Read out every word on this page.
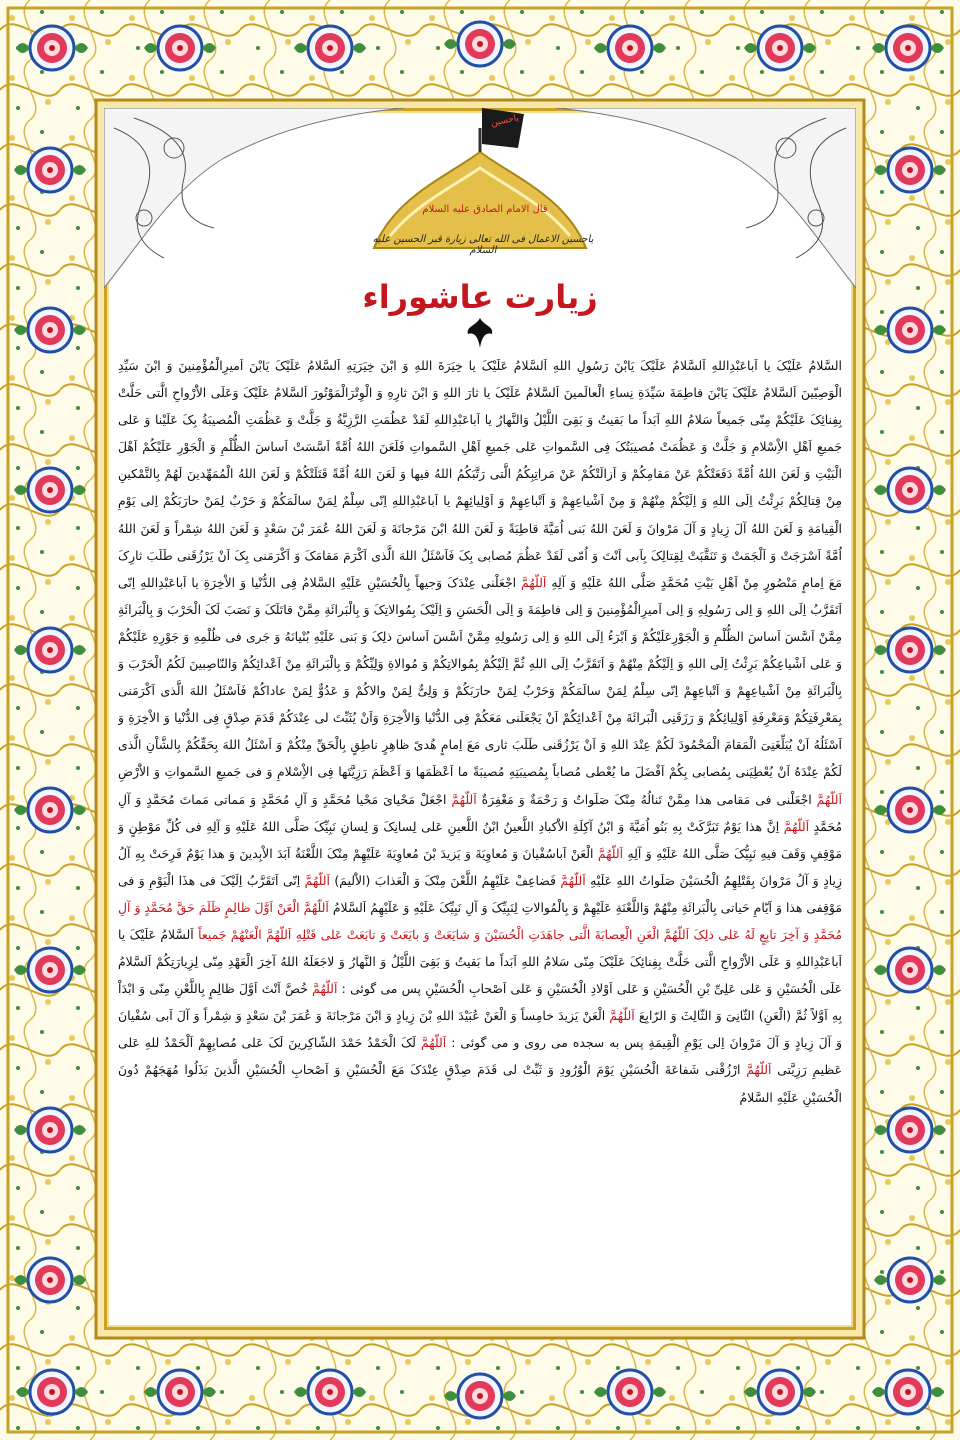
یاحسین
قال الامام الصادق علیه السلام
یاحسین الاعمال فی الله تعالی زیارة قبر الحسین علیه السلام
زیارت عاشوراء

السَّلامُ عَلَیْکَ یا اَباعَبْدِاللهِ اَلسَّلامُ عَلَیْکَ یَابْنَ رَسُولِ اللهِ اَلسَّلامُ عَلَیْکَ یا خِیَرَةَ اللهِ وَ ابْنَ خِیَرَتِهِ اَلسَّلامُ عَلَیْکَ یَابْنَ اَمیرِالْمُؤْمِنینَ وَ ابْنَ سَیِّدِ الْوَصِیّینَ اَلسَّلامُ عَلَیْکَ یَابْنَ فاطِمَةَ سَیِّدَةِ نِساءِ الْعالَمینَ اَلسَّلامُ عَلَیْکَ یا ثارَ اللهِ وَ ابْنَ ثارِهِ وَ الْوِتْرَالْمَوْتُورَ اَلسَّلامُ عَلَیْکَ وَعَلَی الاَْرْواحِ الَّتی حَلَّتْ بِفِنائِکَ عَلَیْکُمْ مِنّی جَمیعاً سَلامُ اللهِ اَبَداً ما بَقیتُ وَ بَقِیَ اللَّیْلُ وَالنَّهارُ یا اَباعَبْدِاللهِ لَقَدْ عَظُمَتِ الرَّزِیَّةُ وَ جَلَّتْ وَ عَظُمَتِ الْمُصیبَةُ بِکَ عَلَیْنا وَ عَلی جَمیعِ اَهْلِ الاِْسْلامِ وَ جَلَّتْ وَ عَظُمَتْ مُصیبَتُکَ فِی السَّمواتِ عَلی جَمیعِ اَهْلِ السَّمواتِ فَلَعَنَ اللهُ اُمَّةً اَسَّسَتْ اَساسَ الظُّلْمِ وَ الْجَوْرِ عَلَیْکُمْ اَهْلَ الْبَیْتِ وَ لَعَنَ اللهُ اُمَّةً دَفَعَتْکُمْ عَنْ مَقامِکُمْ وَ اَزالَتْکُمْ عَنْ مَراتِبِکُمُ الَّتی رَتَّبَکُمُ اللهُ فیها وَ لَعَنَ اللهُ اُمَّةً قَتَلَتْکُمْ وَ لَعَنَ اللهُ الْمُمَهِّدینَ لَهُمْ بِالتَّمْکینِ مِنْ قِتالِکُمْ بَرِئْتُ اِلَی اللهِ وَ اِلَیْکُمْ مِنْهُمْ وَ مِنْ اَشْیاعِهِمْ وَ اَتْباعِهِمْ وَ اَوْلِیائِهِمْ یا اَباعَبْدِاللهِ اِنّی سِلْمٌ لِمَنْ سالَمَکُمْ وَ حَرْبٌ لِمَنْ حارَبَکُمْ اِلی یَوْمِ الْقِیامَةِ وَ لَعَنَ اللهُ آلَ زِیادٍ وَ آلَ مَرْوانَ وَ لَعَنَ اللهُ بَنی اُمَیَّةَ قاطِبَةً وَ لَعَنَ اللهُ ابْنَ مَرْجانَةَ وَ لَعَنَ اللهُ عُمَرَ بْنَ سَعْدٍ وَ لَعَنَ اللهُ شِمْراً وَ لَعَنَ اللهُ اُمَّةً اَسْرَجَتْ وَ اَلْجَمَتْ وَ تَنَقَّبَتْ لِقِتالِکَ بِاَبی اَنْتَ وَ اُمّی لَقَدْ عَظُمَ مُصابی بِکَ فَاَسْئَلُ اللهَ الَّذی اَکْرَمَ مَقامَکَ وَ اَکْرَمَنی بِکَ اَنْ یَرْزُقَنی طَلَبَ ثارِکَ مَعَ اِمامٍ مَنْصُورٍ مِنْ اَهْلِ بَیْتِ مُحَمَّدٍ صَلَّی اللهُ عَلَیْهِ وَ آلِهِ اَللّهُمَّ اجْعَلْنی عِنْدَکَ وَجیهاً بِالْحُسَیْنِ عَلَیْهِ السَّلامُ فِی الدُّنْیا وَ الاْخِرَةِ یا اَباعَبْدِاللهِ اِنّی اَتَقَرَّبُ اِلَی اللهِ وَ اِلی رَسُولِهِ وَ اِلی اَمیرِالْمُؤْمِنینَ وَ اِلی فاطِمَةَ وَ اِلَی الْحَسَنِ وَ اِلَیْکَ بِمُوالاتِکَ وَ بِالْبَرائَةِ مِمَّنْ قاتَلَکَ وَ نَصَبَ لَکَ الْحَرْبَ وَ بِالْبَرائَةِ مِمَّنْ اَسَّسَ اَساسَ الظُّلْمِ وَ الْجَوْرِعَلَیْکُمْ وَ اَبْرَءُ اِلَی اللهِ وَ اِلی رَسُولِهِ مِمَّنْ اَسَّسَ اَساسَ ذلِکَ وَ بَنی عَلَیْهِ بُنْیانَهُ وَ جَری فی ظُلْمِهِ وَ جَوْرِهِ عَلَیْکُمْ وَ عَلی اَشْیاعِکُمْ بَرِئْتُ اِلَی اللهِ وَ اِلَیْکُمْ مِنْهُمْ وَ اَتَقَرَّبُ اِلَی اللهِ ثُمَّ اِلَیْکُمْ بِمُوالاتِکُمْ وَ مُوالاةِ وَلِیِّکُمْ وَ بِالْبَرائَةِ مِنْ اَعْدائِکُمْ وَالنّاصِبینَ لَکُمُ الْحَرْبَ وَ بِالْبَرائَةِ مِنْ اَشْیاعِهِمْ وَ اَتْباعِهِمْ اِنّی سِلْمٌ لِمَنْ سالَمَکُمْ وَحَرْبٌ لِمَنْ حارَبَکُمْ وَ وَلِیٌّ لِمَنْ والاکُمْ وَ عَدُوٌّ لِمَنْ عاداکُمْ فَاَسْئَلُ اللهَ الَّذی اَکْرَمَنی بِمَعْرِفَتِکُمْ وَمَعْرِفَةِ اَوْلِیائِکُمْ وَ رَزَقَنِی الْبَرائَةَ مِنْ اَعْدائِکُمْ اَنْ یَجْعَلَنی مَعَکُمْ فِی الدُّنْیا وَالاْخِرَةِ وَاَنْ یُثَبِّتَ لی عِنْدَکُمْ قَدَمَ صِدْقٍ فِی الدُّنْیا وَ الاْخِرَةِ وَ اَسْئَلُهُ اَنْ یُبَلِّغَنِیَ الْمَقامَ الْمَحْمُودَ لَکُمْ عِنْدَ اللهِ وَ اَنْ یَرْزُقَنی طَلَبَ ثاری مَعَ اِمامٍ هُدیً ظاهِرٍ ناطِقٍ بِالْحَقِّ مِنْکُمْ وَ اَسْئَلُ اللهَ بِحَقِّکُمْ بِالشَّاْنِ الَّذی لَکُمْ عِنْدَهُ اَنْ یُعْطِیَنی بِمُصابی بِکُمْ اَفْضَلَ ما یُعْطی مُصاباً بِمُصیبَتِهِ مُصیبَةً ما اَعْظَمَها وَ اَعْظَمَ رَزِیَّتَها فِی الاِْسْلامِ وَ فی جَمیعِ السَّمواتِ وَ الاَْرْضِ اَللّهُمَّ اجْعَلْنی فی مَقامی هذا مِمَّنْ تَنالُهُ مِنْکَ صَلَواتٌ وَ رَحْمَةٌ وَ مَغْفِرَةٌ اَللّهُمَّ اجْعَلْ مَحْیایَ مَحْیا مُحَمَّدٍ وَ آلِ مُحَمَّدٍ وَ مَماتی مَماتَ مُحَمَّدٍ وَ آلِ مُحَمَّدٍ اَللّهُمَّ اِنَّ هذا یَوْمٌ تَبَرَّکَتْ بِهِ بَنُو اُمَیَّةَ وَ ابْنُ آکِلَةِ الاَْکبادِ اللَّعینُ ابْنُ اللَّعینِ عَلی لِسانِکَ وَ لِسانِ نَبِیِّکَ صَلَّی اللهُ عَلَیْهِ وَ آلِهِ فی کُلِّ مَوْطِنٍ وَ مَوْقِفٍ وَقَفَ فیهِ نَبِیُّکَ صَلَّی اللهُ عَلَیْهِ وَ آلِهِ اَللّهُمَّ الْعَنْ اَباسُفْیانَ وَ مُعاوِیَةَ وَ یَزیدَ بْنَ مُعاوِیَةَ عَلَیْهِمْ مِنْکَ اللَّعْنَةُ اَبَدَ الاْبِدینَ وَ هذا یَوْمٌ فَرِحَتْ بِهِ آلُ زِیادٍ وَ آلُ مَرْوانَ بِقَتْلِهِمُ الْحُسَیْنَ صَلَواتُ اللهِ عَلَیْهِ اَللّهُمَّ فَضاعِفْ عَلَیْهِمُ اللَّعْنَ مِنْکَ وَ الْعَذابَ (الاَْلیمَ) اَللّهُمَّ اِنّی اَتَقَرَّبُ اِلَیْکَ فی هذَا الْیَوْمِ وَ فی مَوْقِفی هذا وَ اَیّامِ حَیاتی بِالْبَرائَةِ مِنْهُمْ وَاللَّعْنَةِ عَلَیْهِمْ وَ بِالْمُوالاتِ لِنَبِیِّکَ وَ آلِ نَبِیِّکَ عَلَیْهِ وَ عَلَیْهِمُ اَلسَّلامُ اَللّهُمَّ الْعَنْ اَوَّلَ ظالِمٍ ظَلَمَ حَقَّ مُحَمَّدٍ وَ آلِ مُحَمَّدٍ وَ آخِرَ تابِعٍ لَهُ عَلی ذلِکَ اَللّهُمَّ الْعَنِ الْعِصابَةَ الَّتی جاهَدَتِ الْحُسَیْنَ وَ شایَعَتْ وَ بایَعَتْ وَ تابَعَتْ عَلی قَتْلِهِ اَللّهُمَّ الْعَنْهُمْ جَمیعاً اَلسَّلامُ عَلَیْکَ یا اَباعَبْدِاللهِ وَ عَلَی الاَْرْواحِ الَّتی حَلَّتْ بِفِنائِکَ عَلَیْکَ مِنّی سَلامُ اللهِ اَبَداً ما بَقیتُ وَ بَقِیَ اللَّیْلُ وَ النَّهارُ وَ لاجَعَلَهُ اللهُ آخِرَ الْعَهْدِ مِنّی لِزِیارَتِکُمْ اَلسَّلامُ عَلَی الْحُسَیْنِ وَ عَلی عَلِیِّ بْنِ الْحُسَیْنِ وَ عَلی اَوْلادِ الْحُسَیْنِ وَ عَلی اَصْحابِ الْحُسَیْنِ پس می گوئی : اَللّهُمَّ خُصَّ اَنْتَ اَوَّلَ ظالِمٍ بِاللَّعْنِ مِنّی وَ ابْدَاْ بِهِ اَوَّلاً ثُمَّ (الْعَنِ) الثّانِیَ وَ الثّالِثَ وَ الرّابِعَ اَللّهُمَّ الْعَنْ یَزیدَ خامِساً وَ الْعَنْ عُبَیْدَ اللهِ بْنَ زِیادٍ وَ ابْنَ مَرْجانَةَ وَ عُمَرَ بْنَ سَعْدٍ وَ شِمْراً وَ آلَ اَبی سُفْیانَ وَ آلَ زِیادٍ وَ آلَ مَرْوانَ اِلی یَوْمِ الْقِیمَةِ پس به سجده می روی و می گوئی : اَللّهُمَّ لَکَ الْحَمْدُ حَمْدَ الشّاکِرینَ لَکَ عَلی مُصابِهِمْ اَلْحَمْدُ للهِ عَلی عَظیمِ رَزِیَّتی اَللّهُمَّ ارْزُقْنی شَفاعَةَ الْحُسَیْنِ یَوْمَ الْوُرُودِ وَ ثَبِّتْ لی قَدَمَ صِدْقٍ عِنْدَکَ مَعَ الْحُسَیْنِ وَ اَصْحابِ الْحُسَیْنِ الَّذینَ بَذَلُوا مُهَجَهُمْ دُونَ الْحُسَیْنِ عَلَیْهِ السَّلامُ
